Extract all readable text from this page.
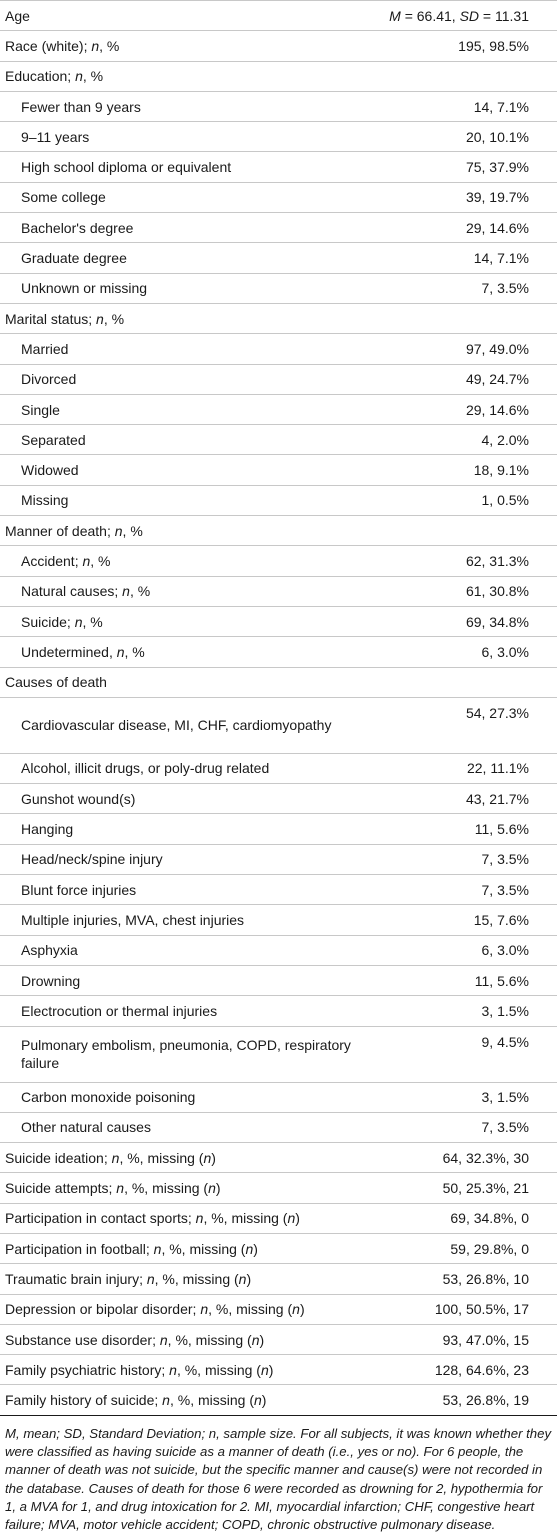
Age	M = 66.41, SD = 11.31
Race (white); n, %	195, 98.5%
Education; n, %	
Fewer than 9 years	14, 7.1%
9–11 years	20, 10.1%
High school diploma or equivalent	75, 37.9%
Some college	39, 19.7%
Bachelor's degree	29, 14.6%
Graduate degree	14, 7.1%
Unknown or missing	7, 3.5%
Marital status; n, %	
Married	97, 49.0%
Divorced	49, 24.7%
Single	29, 14.6%
Separated	4, 2.0%
Widowed	18, 9.1%
Missing	1, 0.5%
Manner of death; n, %	
Accident; n, %	62, 31.3%
Natural causes; n, %	61, 30.8%
Suicide; n, %	69, 34.8%
Undetermined, n, %	6, 3.0%
Causes of death	
Cardiovascular disease, MI, CHF, cardiomyopathy	54, 27.3%
Alcohol, illicit drugs, or poly-drug related	22, 11.1%
Gunshot wound(s)	43, 21.7%
Hanging	11, 5.6%
Head/neck/spine injury	7, 3.5%
Blunt force injuries	7, 3.5%
Multiple injuries, MVA, chest injuries	15, 7.6%
Asphyxia	6, 3.0%
Drowning	11, 5.6%
Electrocution or thermal injuries	3, 1.5%
Pulmonary embolism, pneumonia, COPD, respiratory failure	9, 4.5%
Carbon monoxide poisoning	3, 1.5%
Other natural causes	7, 3.5%
Suicide ideation; n, %, missing (n)	64, 32.3%, 30
Suicide attempts; n, %, missing (n)	50, 25.3%, 21
Participation in contact sports; n, %, missing (n)	69, 34.8%, 0
Participation in football; n, %, missing (n)	59, 29.8%, 0
Traumatic brain injury; n, %, missing (n)	53, 26.8%, 10
Depression or bipolar disorder; n, %, missing (n)	100, 50.5%, 17
Substance use disorder; n, %, missing (n)	93, 47.0%, 15
Family psychiatric history; n, %, missing (n)	128, 64.6%, 23
Family history of suicide; n, %, missing (n)	53, 26.8%, 19
M, mean; SD, Standard Deviation; n, sample size. For all subjects, it was known whether they were classified as having suicide as a manner of death (i.e., yes or no). For 6 people, the manner of death was not suicide, but the specific manner and cause(s) were not recorded in the database. Causes of death for those 6 were recorded as drowning for 2, hypothermia for 1, a MVA for 1, and drug intoxication for 2. MI, myocardial infarction; CHF, congestive heart failure; MVA, motor vehicle accident; COPD, chronic obstructive pulmonary disease.
